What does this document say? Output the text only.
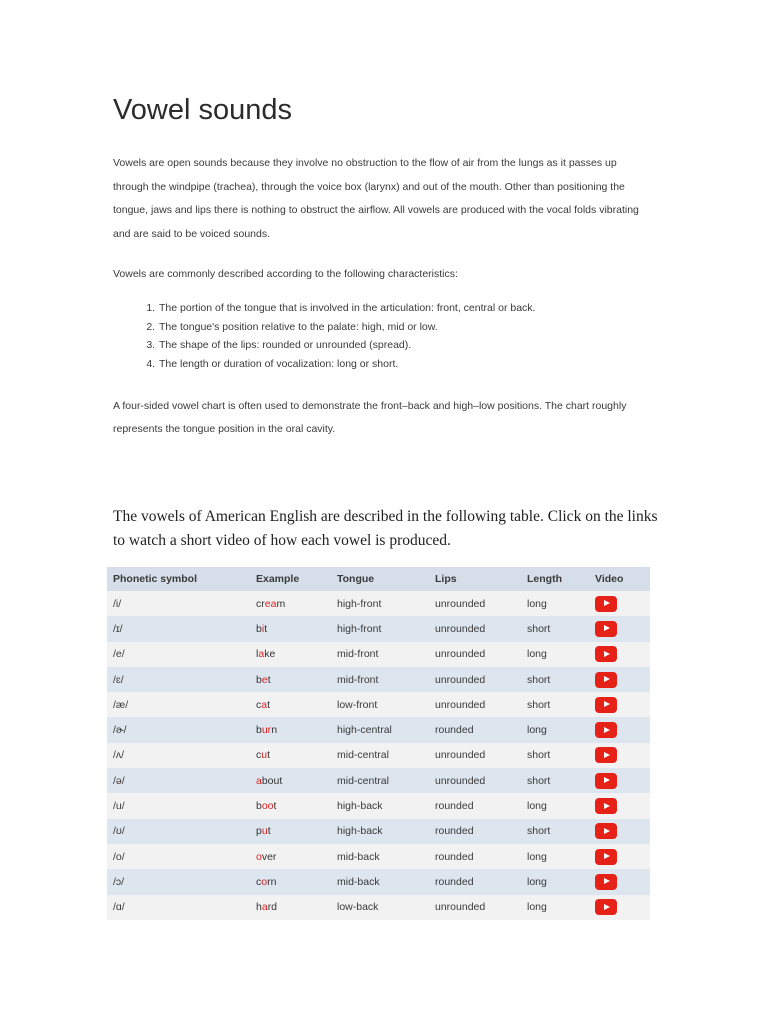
Vowel sounds

Vowels are open sounds because they involve no obstruction to the flow of air from the lungs as it passes up through the windpipe (trachea), through the voice box (larynx) and out of the mouth. Other than positioning the tongue, jaws and lips there is nothing to obstruct the airflow. All vowels are produced with the vocal folds vibrating and are said to be voiced sounds.

Vowels are commonly described according to the following characteristics:

1. The portion of the tongue that is involved in the articulation: front, central or back.
2. The tongue's position relative to the palate: high, mid or low.
3. The shape of the lips: rounded or unrounded (spread).
4. The length or duration of vocalization: long or short.

A four-sided vowel chart is often used to demonstrate the front–back and high–low positions. The chart roughly represents the tongue position in the oral cavity.

The vowels of American English are described in the following table. Click on the links to watch a short video of how each vowel is produced.

Phonetic symbol	Example	Tongue	Lips	Length	Video
/i/	cream	high-front	unrounded	long	
/ɪ/	bit	high-front	unrounded	short	
/e/	lake	mid-front	unrounded	long	
/ɛ/	bet	mid-front	unrounded	short	
/æ/	cat	low-front	unrounded	short	
/ɚ/	burn	high-central	rounded	long	
/ʌ/	cut	mid-central	unrounded	short	
/ə/	about	mid-central	unrounded	short	
/u/	boot	high-back	rounded	long	
/ʊ/	put	high-back	rounded	short	
/o/	over	mid-back	rounded	long	
/ɔ/	corn	mid-back	rounded	long	
/ɑ/	hard	low-back	unrounded	long	
